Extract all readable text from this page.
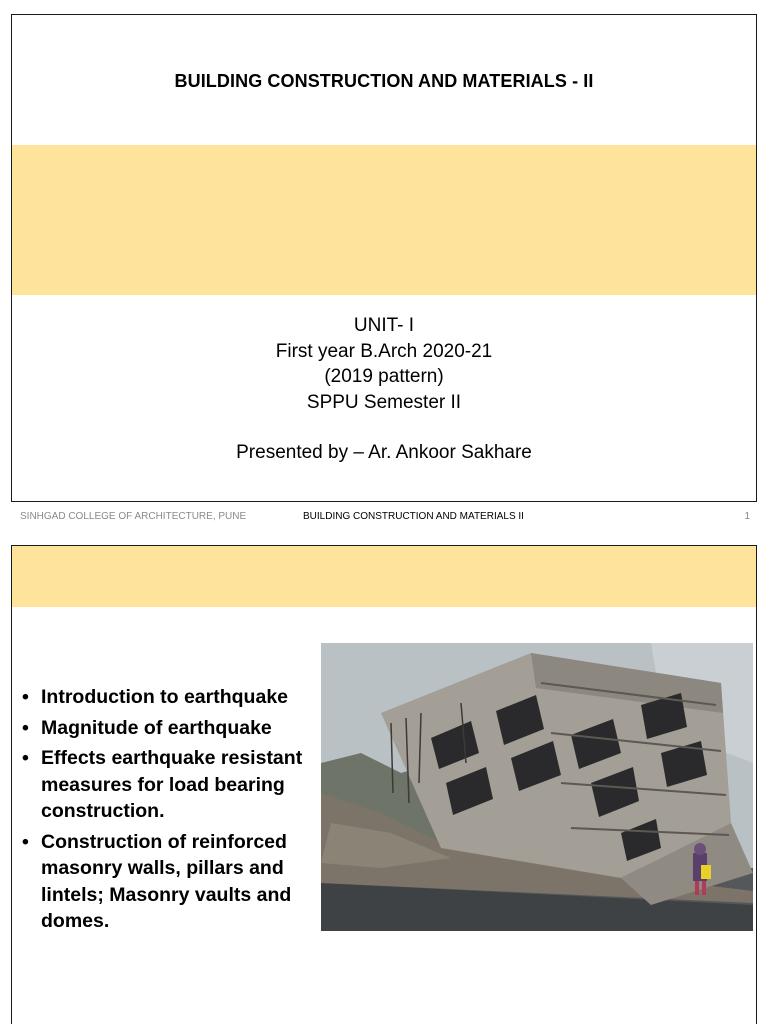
BUILDING CONSTRUCTION AND MATERIALS - II
UNIT- I
First year B.Arch 2020-21
(2019 pattern)
SPPU Semester II
Presented by – Ar. Ankoor Sakhare
SINHGAD COLLEGE OF ARCHITECTURE, PUNE	BUILDING CONSTRUCTION AND MATERIALS II	1
• Introduction to earthquake
• Magnitude of earthquake
• Effects earthquake resistant measures for load bearing construction.
• Construction of reinforced masonry walls, pillars and lintels; Masonry vaults and domes.
